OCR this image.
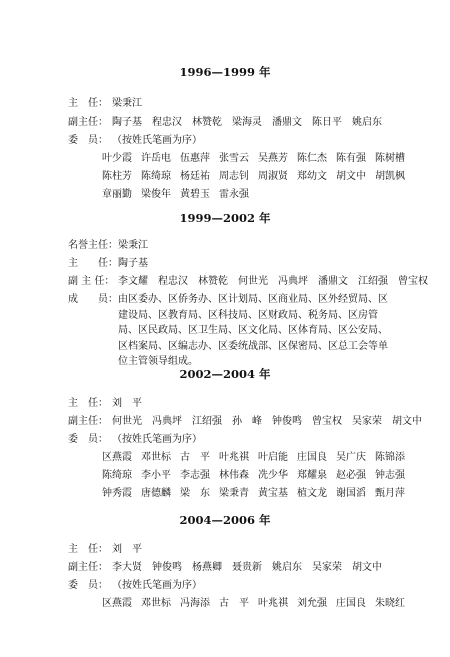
1996—1999 年
主　任： 梁秉江
副主任： 陶子基　程忠汉　林赞乾　梁海灵　潘鼎文　陈日平　姚启东
委　员： （按姓氏笔画为序）
叶少霞 许岳电 伍惠萍 张雪云 吴燕芳 陈仁杰 陈有强 陈树槽
陈柱芳 陈绮琼 杨廷祐 周志钊 周淑贤 郑幼文 胡文中 胡凯枫
章丽勤 梁俊年 黄碧玉 雷永强
1999—2002 年
名誉主任： 梁秉江
主　　任： 陶子基
副 主 任： 李文耀　程忠汉　林赞乾　何世光　冯典坪　潘鼎文　江绍强　曾宝权
成　　员： 由区委办、区侨务办、区计划局、区商业局、区外经贸局、区建设局、区教育局、区科技局、区财政局、税务局、区房管局、区民政局、区卫生局、区文化局、区体育局、区公安局、区档案局、区编志办、区委统战部、区保密局、区总工会等单位主管领导组成。
2002—2004 年
主　任： 刘　平
副主任： 何世光　冯典坪　江绍强　孙　峰　钟俊鸣　曾宝权　吴家荣　胡文中
委　员： （按姓氏笔画为序）
区燕霞 邓世标 古　平 叶兆祺 叶启能 庄国良 吴广庆 陈锦添
陈绮琼 李小平 李志强 林伟森 冼少华 郑耀泉 赵必强 钟志强
钟秀霞 唐德麟 梁　东 梁秉青 黄宝基 植文龙 谢国滔 甄月萍
2004—2006 年
主　任： 刘　平
副主任： 李大贤　钟俊鸣　杨燕卿　聂贵新　姚启东　吴家荣　胡文中
委　员： （按姓氏笔画为序）
区燕霞 邓世标 冯海添 古　平 叶兆祺 刘允强 庄国良 朱晓红
